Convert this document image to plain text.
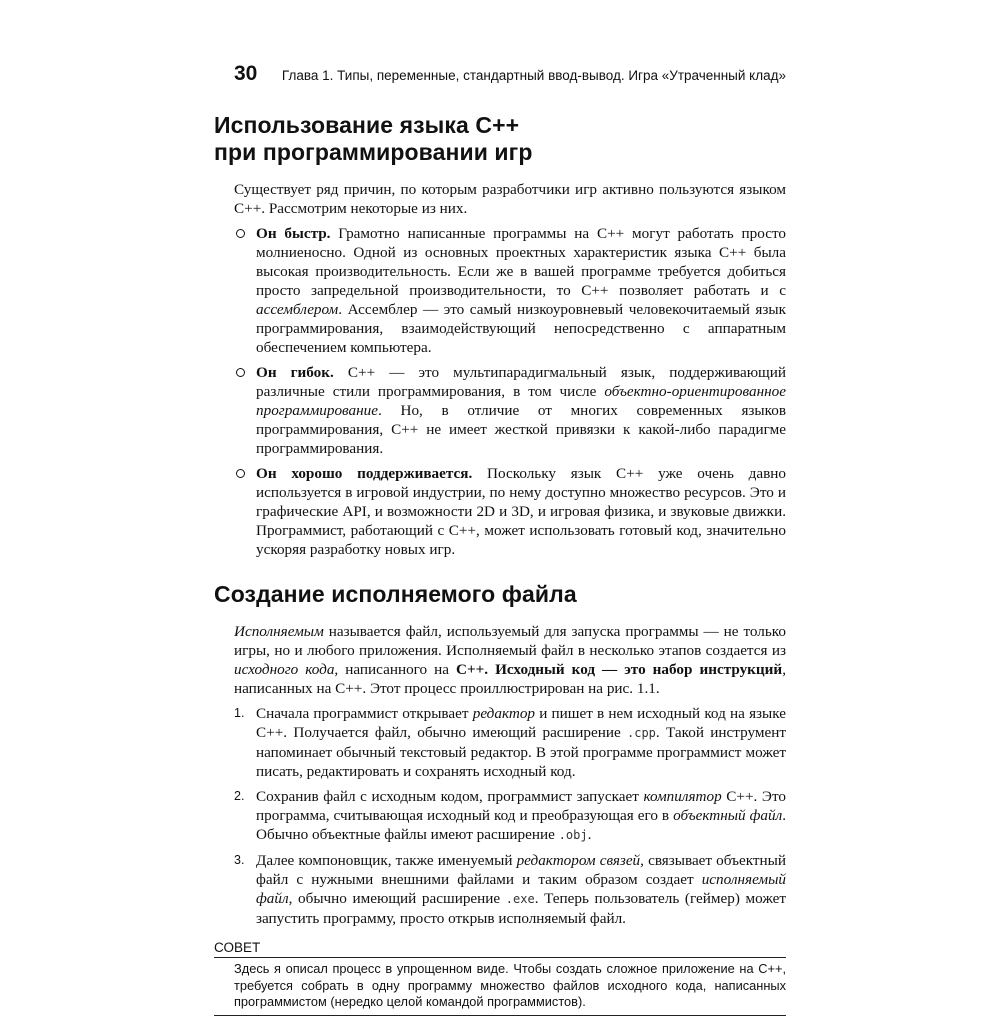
30 Глава 1. Типы, переменные, стандартный ввод-вывод. Игра «Утраченный клад»
Использование языка С++
при программировании игр

Существует ряд причин, по которым разработчики игр активно пользуются языком С++. Рассмотрим некоторые из них.

Он быстр. Грамотно написанные программы на С++ могут работать просто молниеносно. Одной из основных проектных характеристик языка С++ была высокая производительность. Если же в вашей программе требуется добиться просто запредельной производительности, то С++ позволяет работать и с ассемблером. Ассемблер — это самый низкоуровневый человекочитаемый язык программирования, взаимодействующий непосредственно с аппаратным обеспечением компьютера.
Он гибок. С++ — это мультипарадигмальный язык, поддерживающий различные стили программирования, в том числе объектно-ориентированное программирование. Но, в отличие от многих современных языков программирования, С++ не имеет жесткой привязки к какой-либо парадигме программирования.
Он хорошо поддерживается. Поскольку язык С++ уже очень давно используется в игровой индустрии, по нему доступно множество ресурсов. Это и графические API, и возможности 2D и 3D, и игровая физика, и звуковые движки. Программист, работающий с С++, может использовать готовый код, значительно ускоряя разработку новых игр.
Создание исполняемого файла

Исполняемым называется файл, используемый для запуска программы — не только игры, но и любого приложения. Исполняемый файл в несколько этапов создается из исходного кода, написанного на С++. Исходный код — это набор инструкций, написанных на С++. Этот процесс проиллюстрирован на рис. 1.1.

1. Сначала программист открывает редактор и пишет в нем исходный код на языке С++. Получается файл, обычно имеющий расширение .cpp. Такой инструмент напоминает обычный текстовый редактор. В этой программе программист может писать, редактировать и сохранять исходный код.
2. Сохранив файл с исходным кодом, программист запускает компилятор С++. Это программа, считывающая исходный код и преобразующая его в объектный файл. Обычно объектные файлы имеют расширение .obj.
3. Далее компоновщик, также именуемый редактором связей, связывает объектный файл с нужными внешними файлами и таким образом создает исполняемый файл, обычно имеющий расширение .exe. Теперь пользователь (геймер) может запустить программу, просто открыв исполняемый файл.
СОВЕТ
Здесь я описал процесс в упрощенном виде. Чтобы создать сложное приложение на С++, требуется собрать в одну программу множество файлов исходного кода, написанных программистом (нередко целой командой программистов).
